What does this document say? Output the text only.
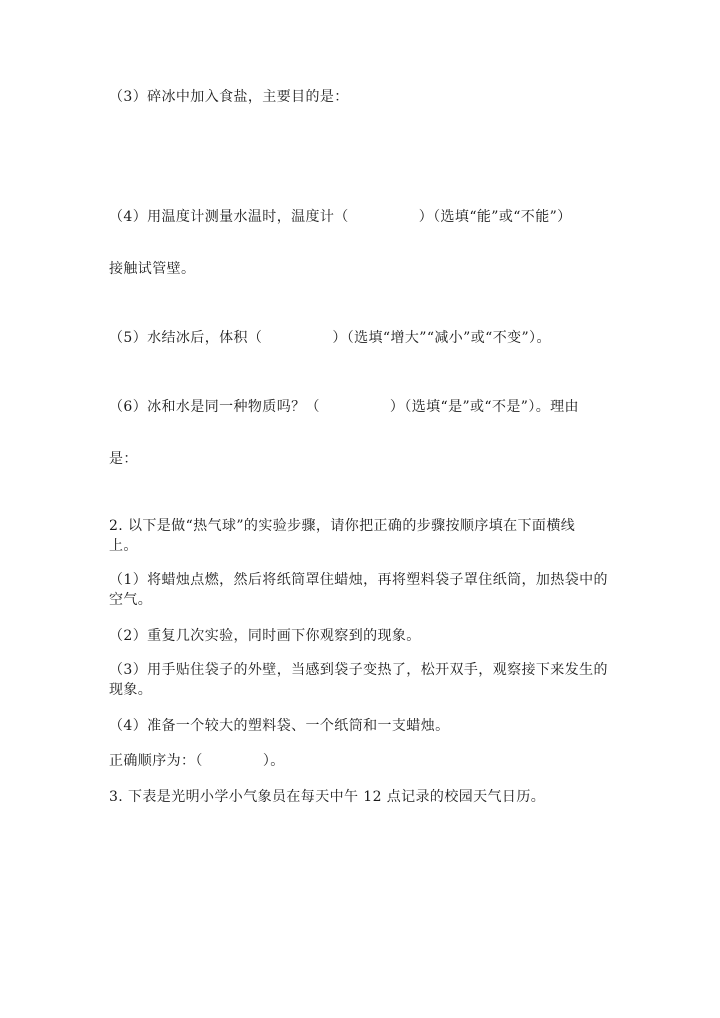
（3）碎冰中加入食盐，主要目的是：
（4）用温度计测量水温时，温度计（	）（选填“能”或“不能”）
接触试管壁。
（5）水结冰后，体积（	）（选填“增大”“减小”或“不变”）。
（6）冰和水是同一种物质吗？（	）（选填“是”或“不是”）。理由
是：
2. 以下是做“热气球”的实验步骤，请你把正确的步骤按顺序填在下面横线
上。
（1）将蜡烛点燃，然后将纸筒罩住蜡烛，再将塑料袋子罩住纸筒，加热袋中的
空气。
（2）重复几次实验，同时画下你观察到的现象。
（3）用手贴住袋子的外壁，当感到袋子变热了，松开双手，观察接下来发生的
现象。
（4）准备一个较大的塑料袋、一个纸筒和一支蜡烛。
正确顺序为：（	）。
3. 下表是光明小学小气象员在每天中午 12 点记录的校园天气日历。
